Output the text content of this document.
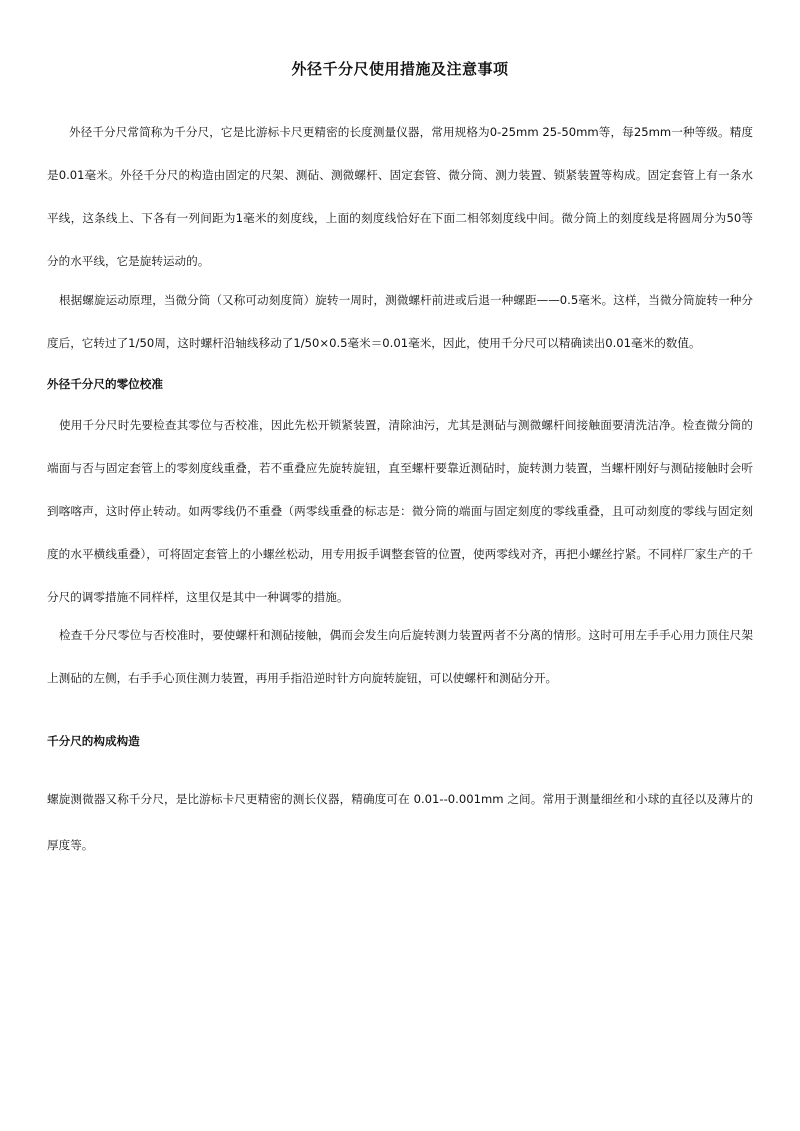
外径千分尺使用措施及注意事项

外径千分尺常简称为千分尺，它是比游标卡尺更精密的长度测量仪器，常用规格为0-25mm 25-50mm等，每25mm一种等级。精度是0.01毫米。外径千分尺的构造由固定的尺架、测砧、测微螺杆、固定套管、微分筒、测力装置、锁紧装置等构成。固定套管上有一条水平线，这条线上、下各有一列间距为1毫米的刻度线，上面的刻度线恰好在下面二相邻刻度线中间。微分筒上的刻度线是将圆周分为50等分的水平线，它是旋转运动的。

根据螺旋运动原理，当微分筒（又称可动刻度筒）旋转一周时，测微螺杆前进或后退一种螺距——0.5毫米。这样，当微分筒旋转一种分度后，它转过了1/50周，这时螺杆沿轴线移动了1/50×0.5毫米＝0.01毫米，因此，使用千分尺可以精确读出0.01毫米的数值。

外径千分尺的零位校准

使用千分尺时先要检查其零位与否校准，因此先松开锁紧装置，清除油污，尤其是测砧与测微螺杆间接触面要清洗洁净。检查微分筒的端面与否与固定套管上的零刻度线重叠，若不重叠应先旋转旋钮，直至螺杆要靠近测砧时，旋转测力装置，当螺杆刚好与测砧接触时会听到喀喀声，这时停止转动。如两零线仍不重叠（两零线重叠的标志是：微分筒的端面与固定刻度的零线重叠，且可动刻度的零线与固定刻度的水平横线重叠），可将固定套管上的小螺丝松动，用专用扳手调整套管的位置，使两零线对齐，再把小螺丝拧紧。不同样厂家生产的千分尺的调零措施不同样样，这里仅是其中一种调零的措施。

检查千分尺零位与否校准时，要使螺杆和测砧接触，偶而会发生向后旋转测力装置两者不分离的情形。这时可用左手手心用力顶住尺架上测砧的左侧，右手手心顶住测力装置，再用手指沿逆时针方向旋转旋钮，可以使螺杆和测砧分开。

千分尺的构成构造

螺旋测微器又称千分尺，是比游标卡尺更精密的测长仪器，精确度可在 0.01--0.001mm 之间。常用于测量细丝和小球的直径以及薄片的厚度等。
